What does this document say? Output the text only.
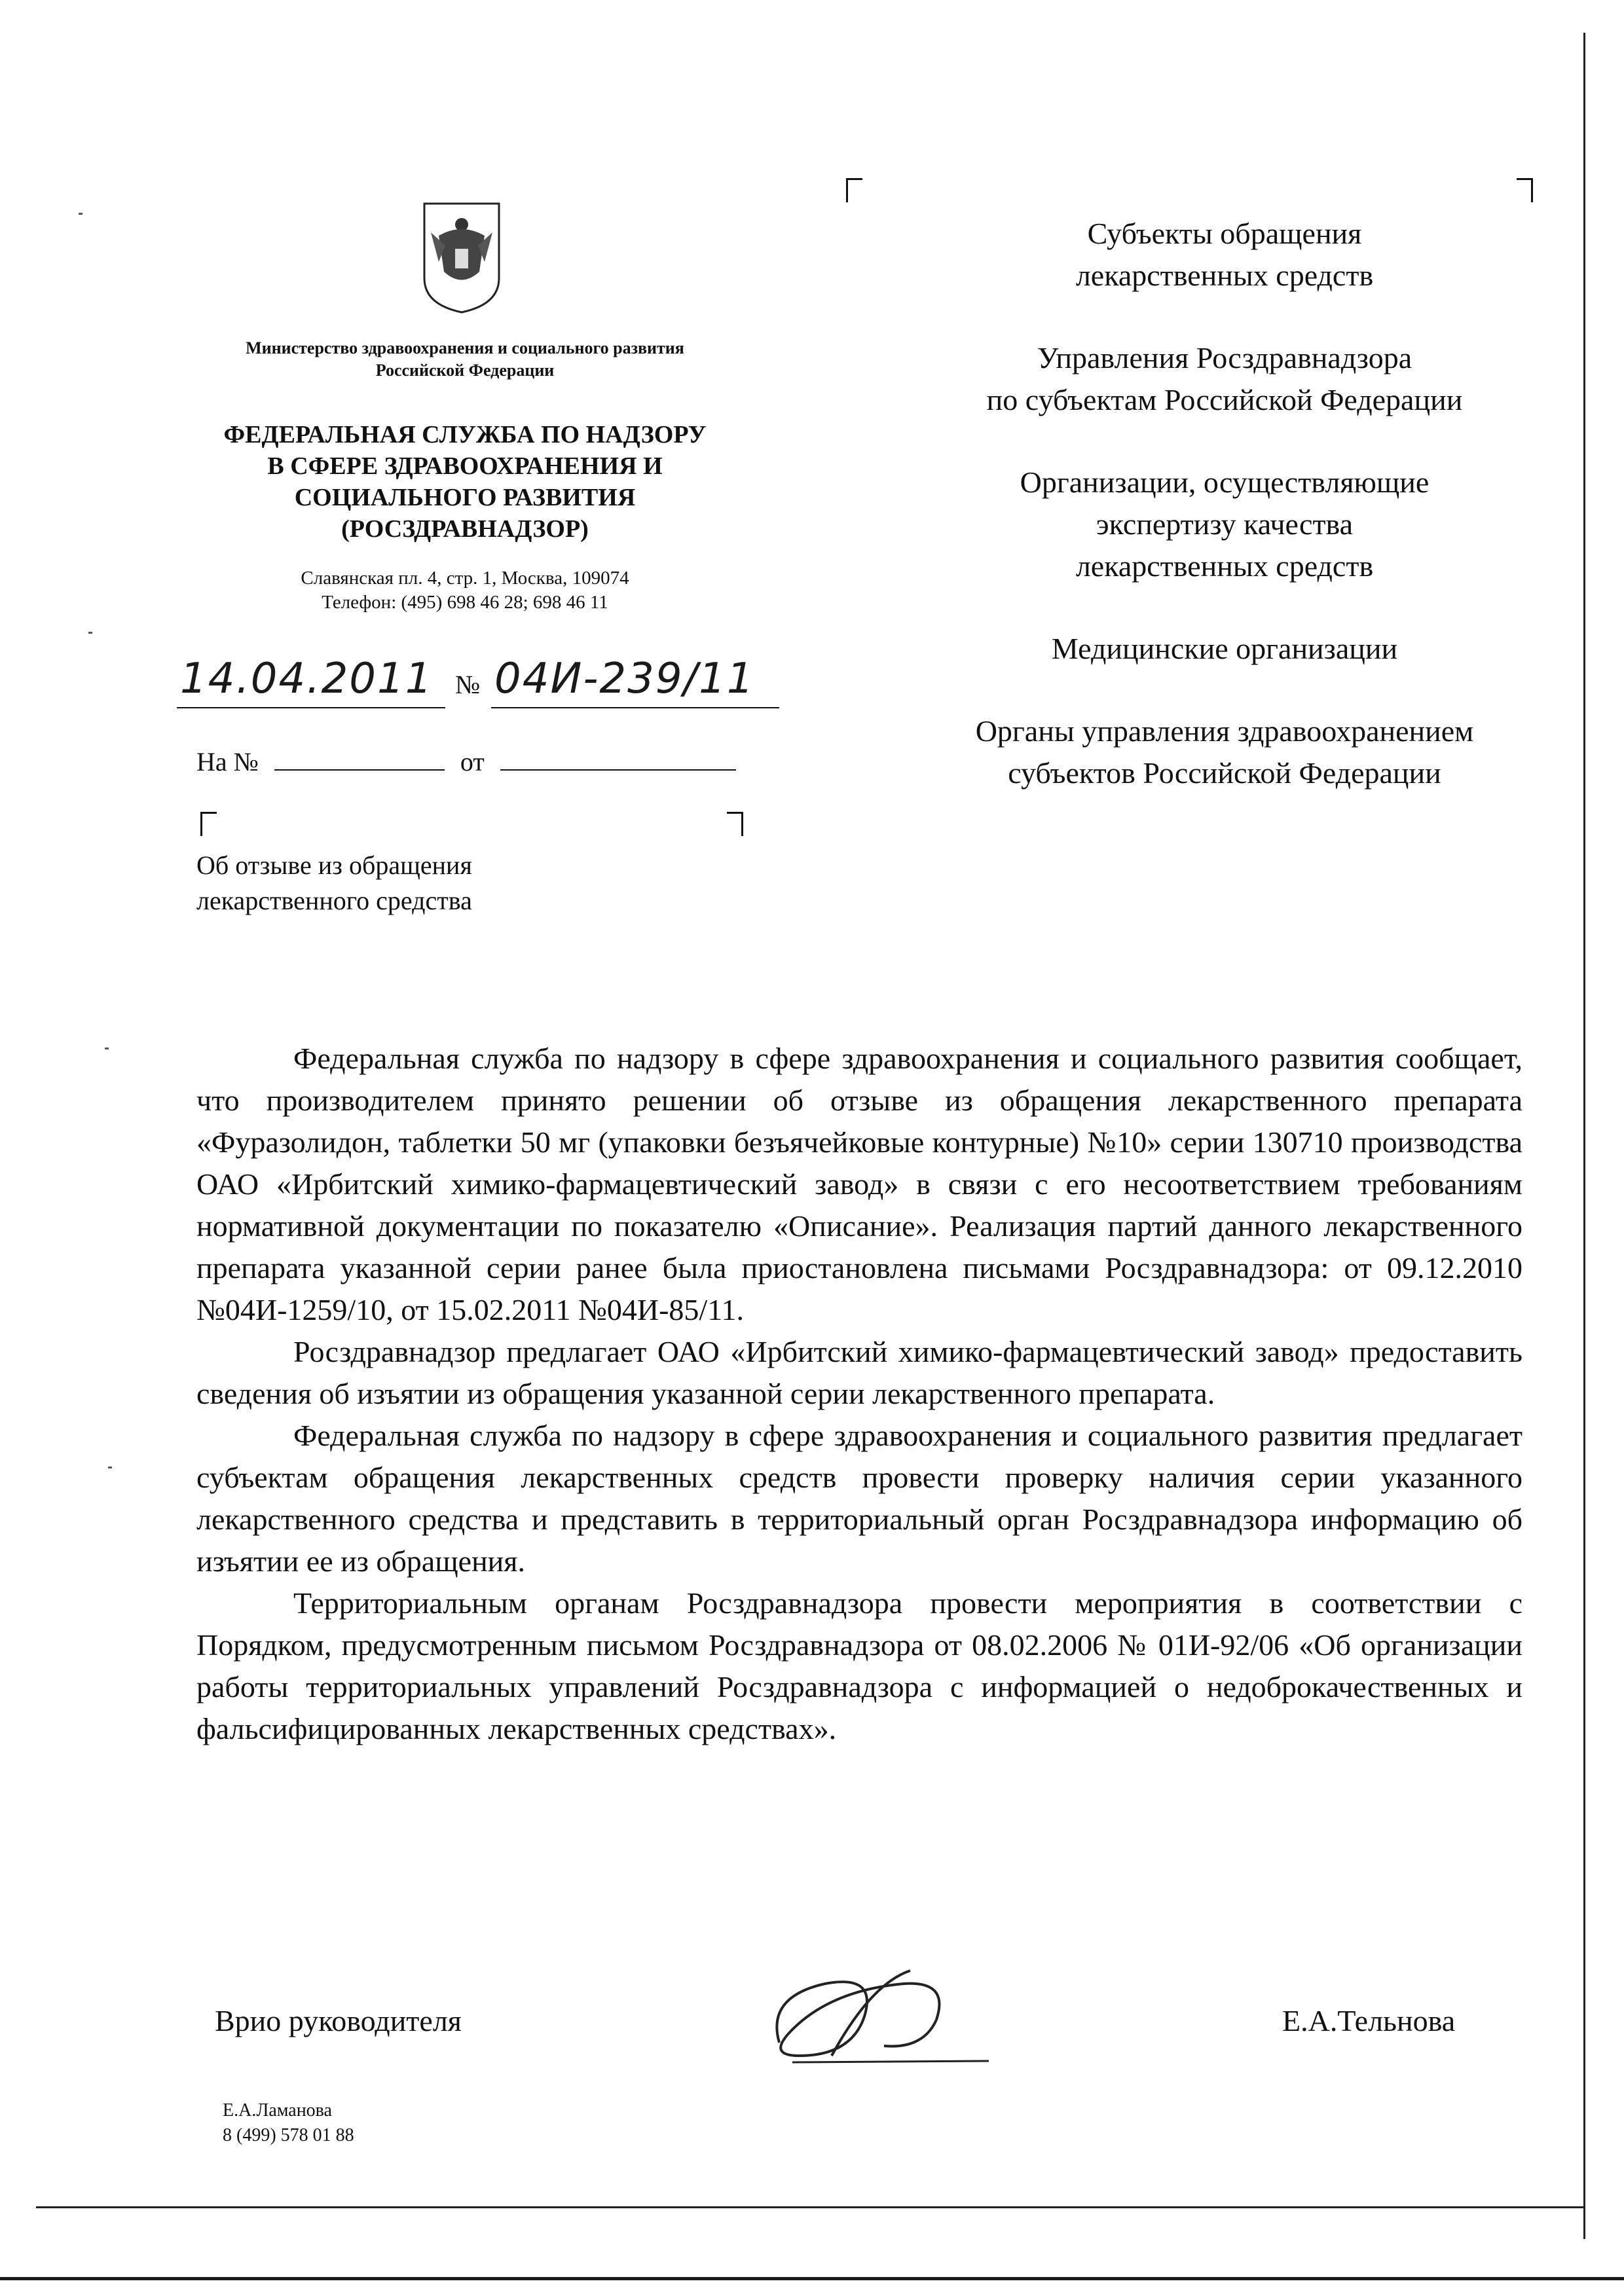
Министерство здравоохранения и социального развития Российской Федерации
ФЕДЕРАЛЬНАЯ СЛУЖБА ПО НАДЗОРУ
В СФЕРЕ ЗДРАВООХРАНЕНИЯ И
СОЦИАЛЬНОГО РАЗВИТИЯ
(РОСЗДРАВНАДЗОР)
Славянская пл. 4, стр. 1, Москва, 109074
Телефон: (495) 698 46 28; 698 46 11
14.04.2011 № 04И-239/11
На №	от
Об отзыве из обращения
лекарственного средства
Субъекты обращения
лекарственных средств
Управления Росздравнадзора
по субъектам Российской Федерации
Организации, осуществляющие
экспертизу качества
лекарственных средств
Медицинские организации
Органы управления здравоохранением
субъектов Российской Федерации

Федеральная служба по надзору в сфере здравоохранения и социального развития сообщает, что производителем принято решении об отзыве из обращения лекарственного препарата «Фуразолидон, таблетки 50 мг (упаковки безъячейковые контурные) №10» серии 130710 производства ОАО «Ирбитский химико-фармацевтический завод» в связи с его несоответствием требованиям нормативной документации по показателю «Описание». Реализация партий данного лекарственного препарата указанной серии ранее была приостановлена письмами Росздравнадзора: от 09.12.2010 №04И-1259/10, от 15.02.2011 №04И-85/11.

Росздравнадзор предлагает ОАО «Ирбитский химико-фармацевтический завод» предоставить сведения об изъятии из обращения указанной серии лекарственного препарата.

Федеральная служба по надзору в сфере здравоохранения и социального развития предлагает субъектам обращения лекарственных средств провести проверку наличия серии указанного лекарственного средства и представить в территориальный орган Росздравнадзора информацию об изъятии ее из обращения.

Территориальным органам Росздравнадзора провести мероприятия в соответствии с Порядком, предусмотренным письмом Росздравнадзора от 08.02.2006 № 01И-92/06 «Об организации работы территориальных управлений Росздравнадзора с информацией о недоброкачественных и фальсифицированных лекарственных средствах».

Врио руководителя	Е.А.Тельнова
Е.А.Ламанова
8 (499) 578 01 88
